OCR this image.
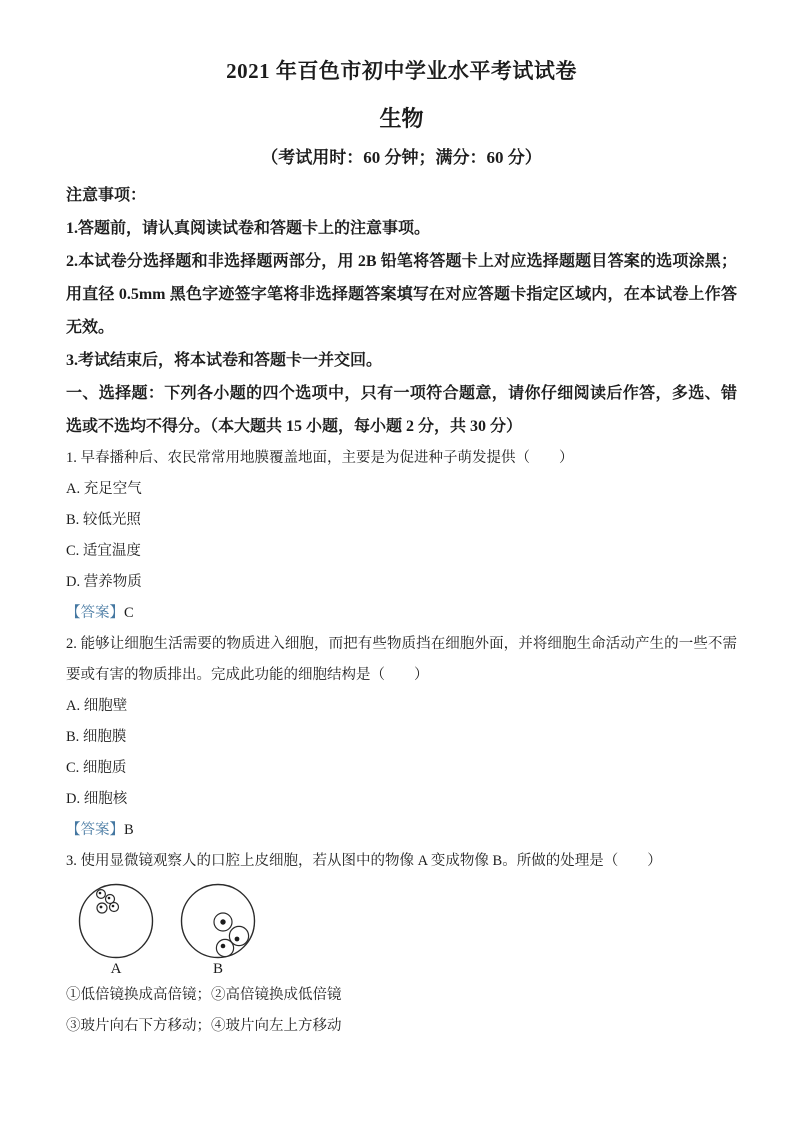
2021 年百色市初中学业水平考试试卷
生物

（考试用时：60 分钟；满分：60 分）

注意事项：

1.答题前，请认真阅读试卷和答题卡上的注意事项。

2.本试卷分选择题和非选择题两部分，用 2B 铅笔将答题卡上对应选择题题目答案的选项涂黑；用直径 0.5mm 黑色字迹签字笔将非选择题答案填写在对应答题卡指定区域内，在本试卷上作答无效。

3.考试结束后，将本试卷和答题卡一并交回。

一、选择题：下列各小题的四个选项中，只有一项符合题意，请你仔细阅读后作答，多选、错选或不选均不得分。（本大题共 15 小题，每小题 2 分，共 30 分）

1. 早春播种后、农民常常用地膜覆盖地面，主要是为促进种子萌发提供（　　）

A. 充足空气

B. 较低光照

C. 适宜温度

D. 营养物质

【答案】C

2. 能够让细胞生活需要的物质进入细胞，而把有些物质挡在细胞外面，并将细胞生命活动产生的一些不需要或有害的物质排出。完成此功能的细胞结构是（　　）

A. 细胞壁

B. 细胞膜

C. 细胞质

D. 细胞核

【答案】B

3. 使用显微镜观察人的口腔上皮细胞，若从图中的物像 A 变成物像 B。所做的处理是（　　）

A	B

①低倍镜换成高倍镜；②高倍镜换成低倍镜

③玻片向右下方移动；④玻片向左上方移动
